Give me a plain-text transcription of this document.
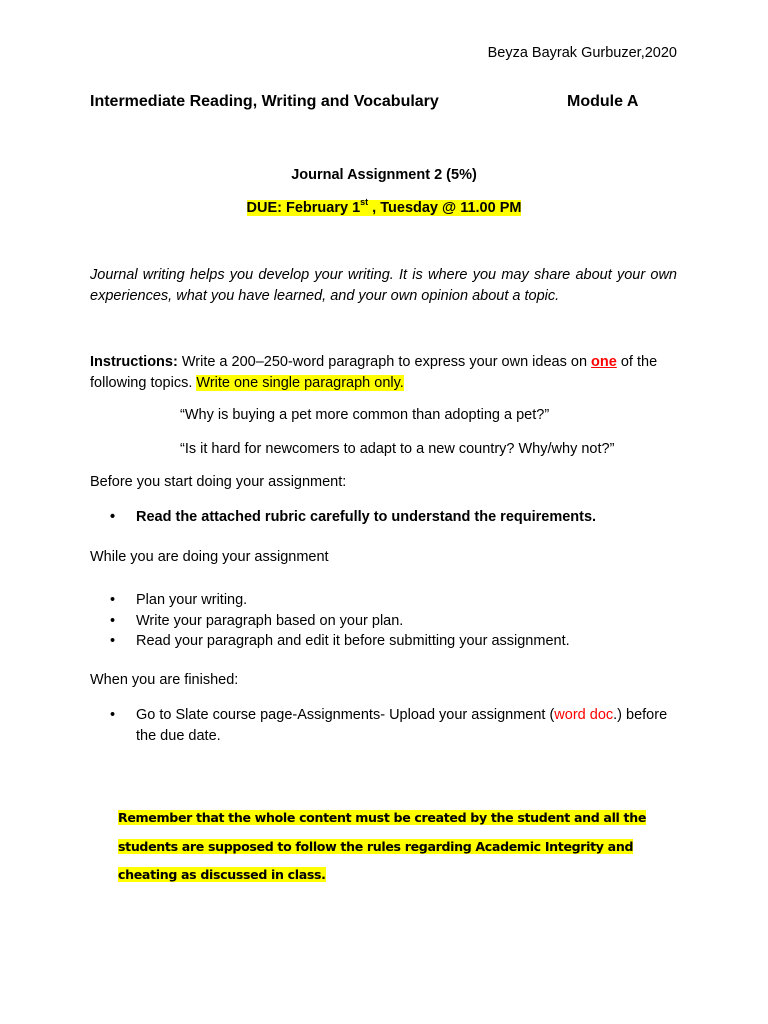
Beyza Bayrak Gurbuzer,2020
Intermediate Reading, Writing and Vocabulary	Module A
Journal Assignment 2 (5%)
DUE: February 1st , Tuesday @ 11.00 PM
Journal writing helps you develop your writing. It is where you may share about your own experiences, what you have learned, and your own opinion about a topic.
Instructions: Write a 200–250-word paragraph to express your own ideas on one of the following topics. Write one single paragraph only.
“Why is buying a pet more common than adopting a pet?”
“Is it hard for newcomers to adapt to a new country? Why/why not?”
Before you start doing your assignment:
• Read the attached rubric carefully to understand the requirements.
While you are doing your assignment
• Plan your writing.
• Write your paragraph based on your plan.
• Read your paragraph and edit it before submitting your assignment.
When you are finished:
• Go to Slate course page-Assignments- Upload your assignment (word doc.) before the due date.
Remember that the whole content must be created by the student and all the students are supposed to follow the rules regarding Academic Integrity and cheating as discussed in class.
